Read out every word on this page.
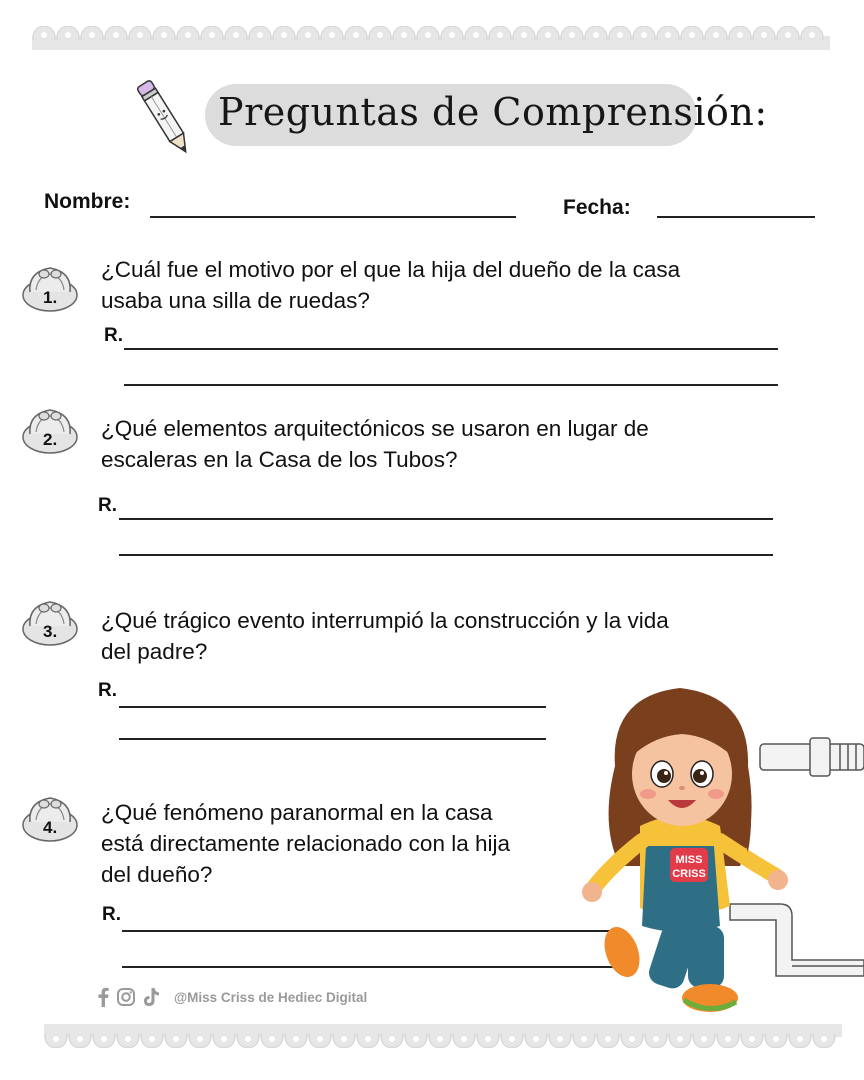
Preguntas de Comprensión:
Nombre:	Fecha:
1.
¿Cuál fue el motivo por el que la hija del dueño de la casa
usaba una silla de ruedas?
R.
2. ¿Qué elementos arquitectónicos se usaron en lugar de
escaleras en la Casa de los Tubos?
R.
3. ¿Qué trágico evento interrumpió la construcción y la vida
del padre?
R.
4.
¿Qué fenómeno paranormal en la casa
está directamente relacionado con la hija
del dueño?
R.
MISS
CRISS
@Miss Criss de Hediec Digital
